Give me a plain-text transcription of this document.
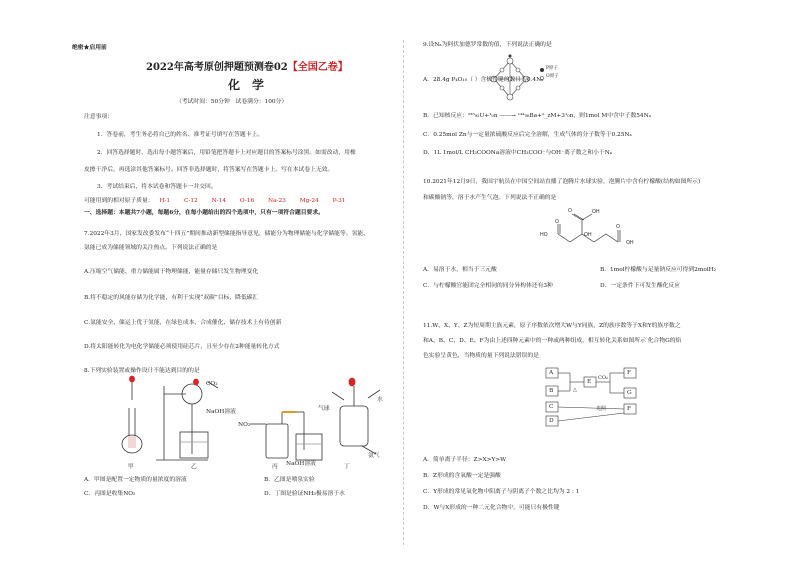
绝密★启用前
2022年高考原创押题预测卷02【全国乙卷】
化　学
（考试时间：50分钟　试卷满分：100分）
注意事项：
1．答卷前，考生务必将自己的姓名、准考证号填写在答题卡上。
2．回答选择题时，选出每小题答案后，用铅笔把答题卡上对应题目的答案标号涂黑。如需改动，用橡
皮擦干净后，再选涂其他答案标号。回答非选择题时，将答案写在答题卡上。写在本试卷上无效。
3．考试结束后，将本试卷和答题卡一并交回。
可能用到的相对原子质量： H-1 C-12 N-14 O-16 Na-23 Mg-24 P-31
一、选择题：本题共7小题，每题6分，在每小题给出的四个选项中，只有一项符合题目要求。
7.2022年3月，国家发改委发布“十四五”期间推动新型储能指导意见，储能分为物理储能与化学储能等。氢能、
氨能已成为储能领域的关注热点。下列说法正确的是
A.压缩空气储能、重力储能属于物理储能，能量存储只发生物理变化
B.将不稳定的风能存储为化学能，有利于实现“双碳”目标，降低碳汇
C.氨能安全、储运上优于氢能，在绿色成本、合成催化、储存技术上有待创新
D.将太阳能转化为电化学储能必须使用硅芯片，且至少存在2种能量转化方式
8.下列实验装置或操作设计不能达到目的的是
CO₂
NaOH溶液
NO₂
NaOH溶液
气球
水
氨气
甲	乙	丙	丁
A．甲图是配置一定物质的量浓度的溶液	B．乙图是喷泉实验
C．丙图是收集NO₂	D．丁图是验证NH₃极易溶于水
9.设Nₐ为阿伏加德罗常数的值，下列说法正确的是
P原子
O原子
A．28.4g P₄O₁₀（ ）含极性键的数目为0.4Nₐ
B．已知核反应：²³⁵₉₂U+¹₀n ——→ ¹⁴⁴₅₆Ba+ᴬ_zM+3¹₀n，则1mol M中含中子数54Nₐ
C．0.25mol Zn与一定量浓硫酸反应后完全溶解，生成气体的分子数等于0.25Nₐ
D．1L 1mol/L CH₃COONa溶液中CH₃COO⁻与OH⁻离子数之和小于Nₐ
10.2021年12月9日，我国宇航员在中国空间站直播了泡腾片水球实验，泡腾片中含有柠檬酸(结构如图所示)
和碳酸钠等，溶于水产生气泡。下列说法不正确的是
HO
O
OH
O
O	OH
OH
A．易溶于水，相当于三元酸	B．1mol柠檬酸与足量钠反应可得到2molH₂
C．与柠檬酸官能团完全相同的同分异构体还有3种	D．一定条件下可发生酯化反应
11.W、X、Y、Z为短周期主族元素，原子序数依次增大W与Y同族，Z的族序数等于X和Y的族序数之
和A、B、C、D、E、F为由上述四种元素中的一种或两种组成，相互转化关系如图所示 化合物G的焰
色实验呈黄色，当物质的量下列说法错误的是
A
B
C
D
E
F
G
F
CO₂
△
光照
A．简单离子半径：Z>X>Y>W
B．Z形成的含氧酸一定是强酸
C．Y形成的常见氧化物中阳离子与阴离子个数之比均为 2 : 1
D．W与X形成的一种二元化合物中，可能只有极性键
